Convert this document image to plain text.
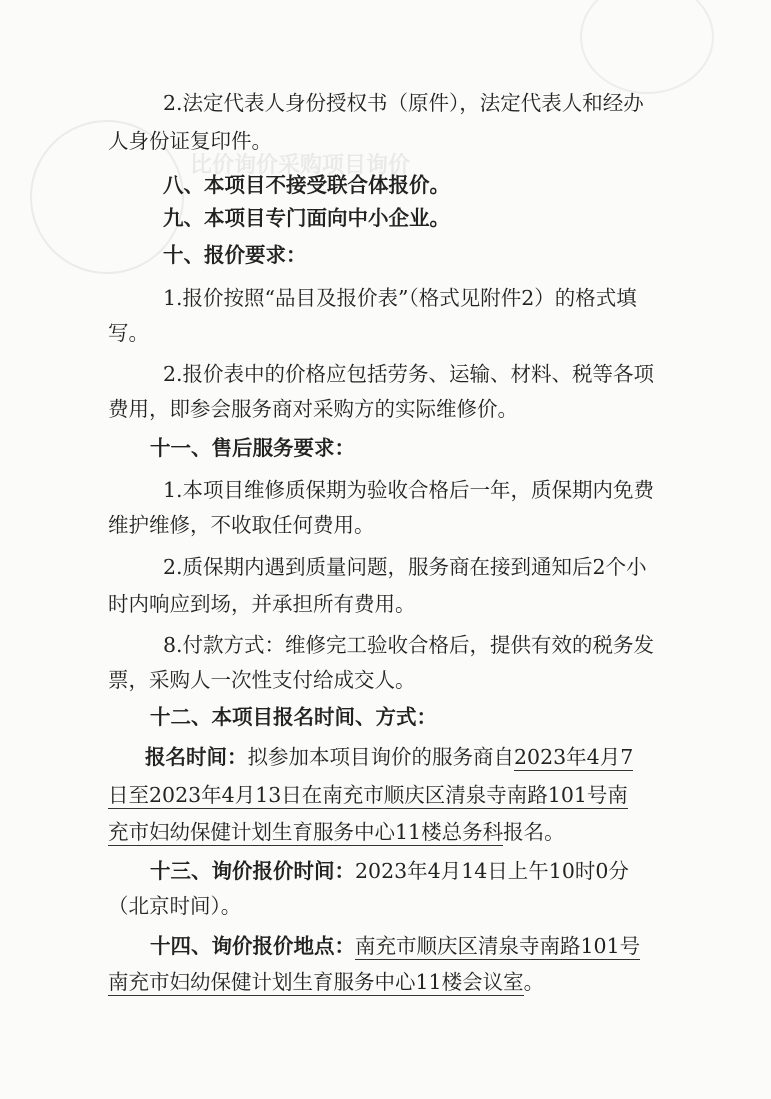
比价询价采购项目询价
2.法定代表人身份授权书（原件），法定代表人和经办
人身份证复印件。
八、本项目不接受联合体报价。
九、本项目专门面向中小企业。
十、报价要求：
1.报价按照“品目及报价表”（格式见附件2）的格式填
写。
2.报价表中的价格应包括劳务、运输、材料、税等各项
费用，即参会服务商对采购方的实际维修价。
十一、售后服务要求：
1.本项目维修质保期为验收合格后一年，质保期内免费
维护维修，不收取任何费用。
2.质保期内遇到质量问题，服务商在接到通知后2个小
时内响应到场，并承担所有费用。
8.付款方式：维修完工验收合格后，提供有效的税务发
票，采购人一次性支付给成交人。
十二、本项目报名时间、方式：
报名时间：拟参加本项目询价的服务商自2023年4月7
日至2023年4月13日在南充市顺庆区清泉寺南路101号南
充市妇幼保健计划生育服务中心11楼总务科报名。
十三、询价报价时间：2023年4月14日上午10时0分
（北京时间）。
十四、询价报价地点：南充市顺庆区清泉寺南路101号
南充市妇幼保健计划生育服务中心11楼会议室。
